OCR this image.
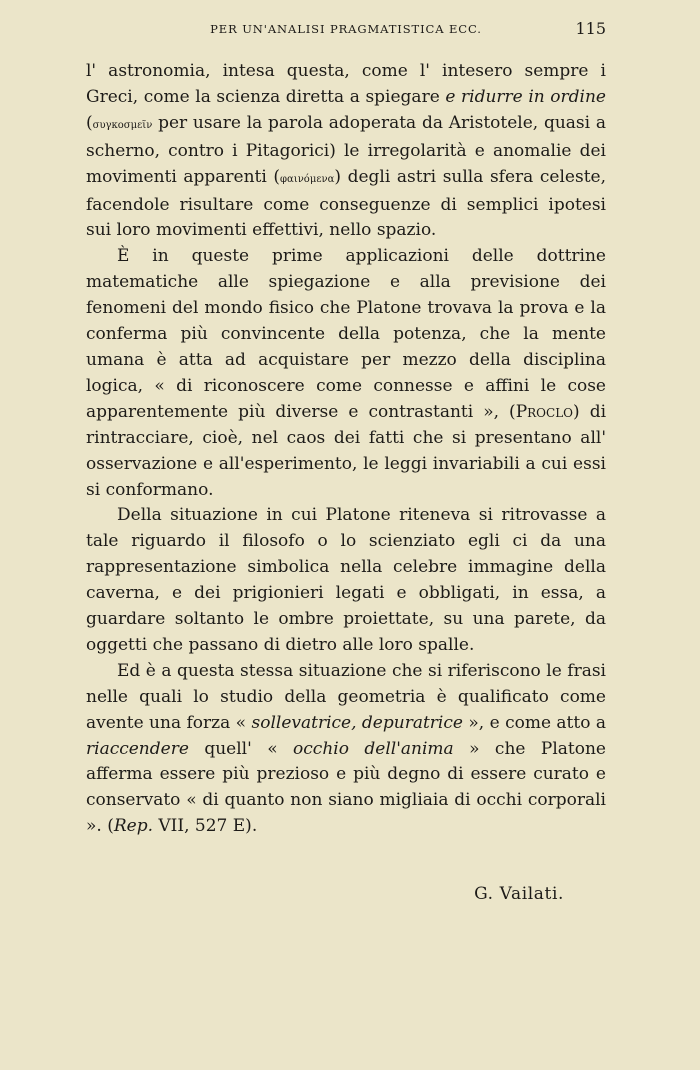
PER UN'ANALISI PRAGMATISTICA ECC.	115

l' astronomia, intesa questa, come l' intesero sempre i Greci, come la scienza diretta a spiegare e ridurre in ordine (συγκοσμεῖν per usare la parola adoperata da Aristotele, quasi a scherno, contro i Pitagorici) le irregolarità e anomalie dei movimenti apparenti (φαινόμενα) degli astri sulla sfera celeste, facendole risultare come conseguenze di semplici ipotesi sui loro movimenti effettivi, nello spazio.

È in queste prime applicazioni delle dottrine matematiche alle spiegazione e alla previsione dei fenomeni del mondo fisico che Platone trovava la prova e la conferma più convincente della potenza, che la mente umana è atta ad acquistare per mezzo della disciplina logica, « di riconoscere come connesse e affini le cose apparentemente più diverse e contrastanti », (Proclo) di rintracciare, cioè, nel caos dei fatti che si presentano all' osservazione e all'esperimento, le leggi invariabili a cui essi si conformano.

Della situazione in cui Platone riteneva si ritrovasse a tale riguardo il filosofo o lo scienziato egli ci da una rappresentazione simbolica nella celebre immagine della caverna, e dei prigionieri legati e obbligati, in essa, a guardare soltanto le ombre proiettate, su una parete, da oggetti che passano di dietro alle loro spalle.

Ed è a questa stessa situazione che si riferiscono le frasi nelle quali lo studio della geometria è qualificato come avente una forza « sollevatrice, depuratrice », e come atto a riaccendere quell' « occhio dell'anima » che Platone afferma essere più prezioso e più degno di essere curato e conservato « di quanto non siano migliaia di occhi corporali ». (Rep. VII, 527 E).

G. Vailati.
